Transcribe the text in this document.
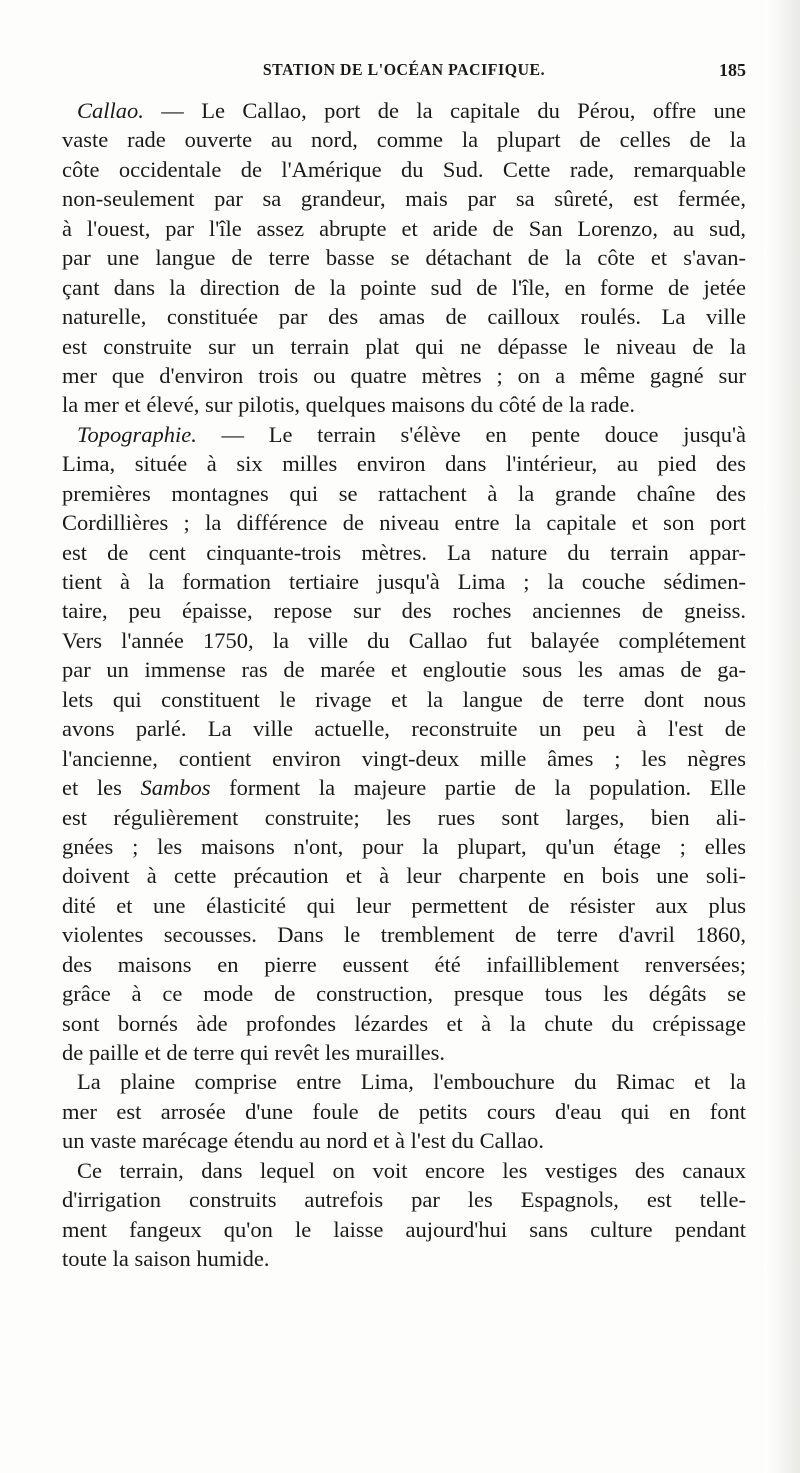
STATION DE L'OCÉAN PACIFIQUE.	185
Callao. — Le Callao, port de la capitale du Pérou, offre une
vaste rade ouverte au nord, comme la plupart de celles de la
côte occidentale de l'Amérique du Sud. Cette rade, remarquable
non-seulement par sa grandeur, mais par sa sûreté, est fermée,
à l'ouest, par l'île assez abrupte et aride de San Lorenzo, au sud,
par une langue de terre basse se détachant de la côte et s'avan-
çant dans la direction de la pointe sud de l'île, en forme de jetée
naturelle, constituée par des amas de cailloux roulés. La ville
est construite sur un terrain plat qui ne dépasse le niveau de la
mer que d'environ trois ou quatre mètres ; on a même gagné sur
la mer et élevé, sur pilotis, quelques maisons du côté de la rade.
Topographie. — Le terrain s'élève en pente douce jusqu'à
Lima, située à six milles environ dans l'intérieur, au pied des
premières montagnes qui se rattachent à la grande chaîne des
Cordillières ; la différence de niveau entre la capitale et son port
est de cent cinquante-trois mètres. La nature du terrain appar-
tient à la formation tertiaire jusqu'à Lima ; la couche sédimen-
taire, peu épaisse, repose sur des roches anciennes de gneiss.
Vers l'année 1750, la ville du Callao fut balayée complétement
par un immense ras de marée et engloutie sous les amas de ga-
lets qui constituent le rivage et la langue de terre dont nous
avons parlé. La ville actuelle, reconstruite un peu à l'est de
l'ancienne, contient environ vingt-deux mille âmes ; les nègres
et les Sambos forment la majeure partie de la population. Elle
est régulièrement construite; les rues sont larges, bien ali-
gnées ; les maisons n'ont, pour la plupart, qu'un étage ; elles
doivent à cette précaution et à leur charpente en bois une soli-
dité et une élasticité qui leur permettent de résister aux plus
violentes secousses. Dans le tremblement de terre d'avril 1860,
des maisons en pierre eussent été infailliblement renversées;
grâce à ce mode de construction, presque tous les dégâts se
sont bornés àde profondes lézardes et à la chute du crépissage
de paille et de terre qui revêt les murailles.
La plaine comprise entre Lima, l'embouchure du Rimac et la
mer est arrosée d'une foule de petits cours d'eau qui en font
un vaste marécage étendu au nord et à l'est du Callao.
Ce terrain, dans lequel on voit encore les vestiges des canaux
d'irrigation construits autrefois par les Espagnols, est telle-
ment fangeux qu'on le laisse aujourd'hui sans culture pendant
toute la saison humide.
